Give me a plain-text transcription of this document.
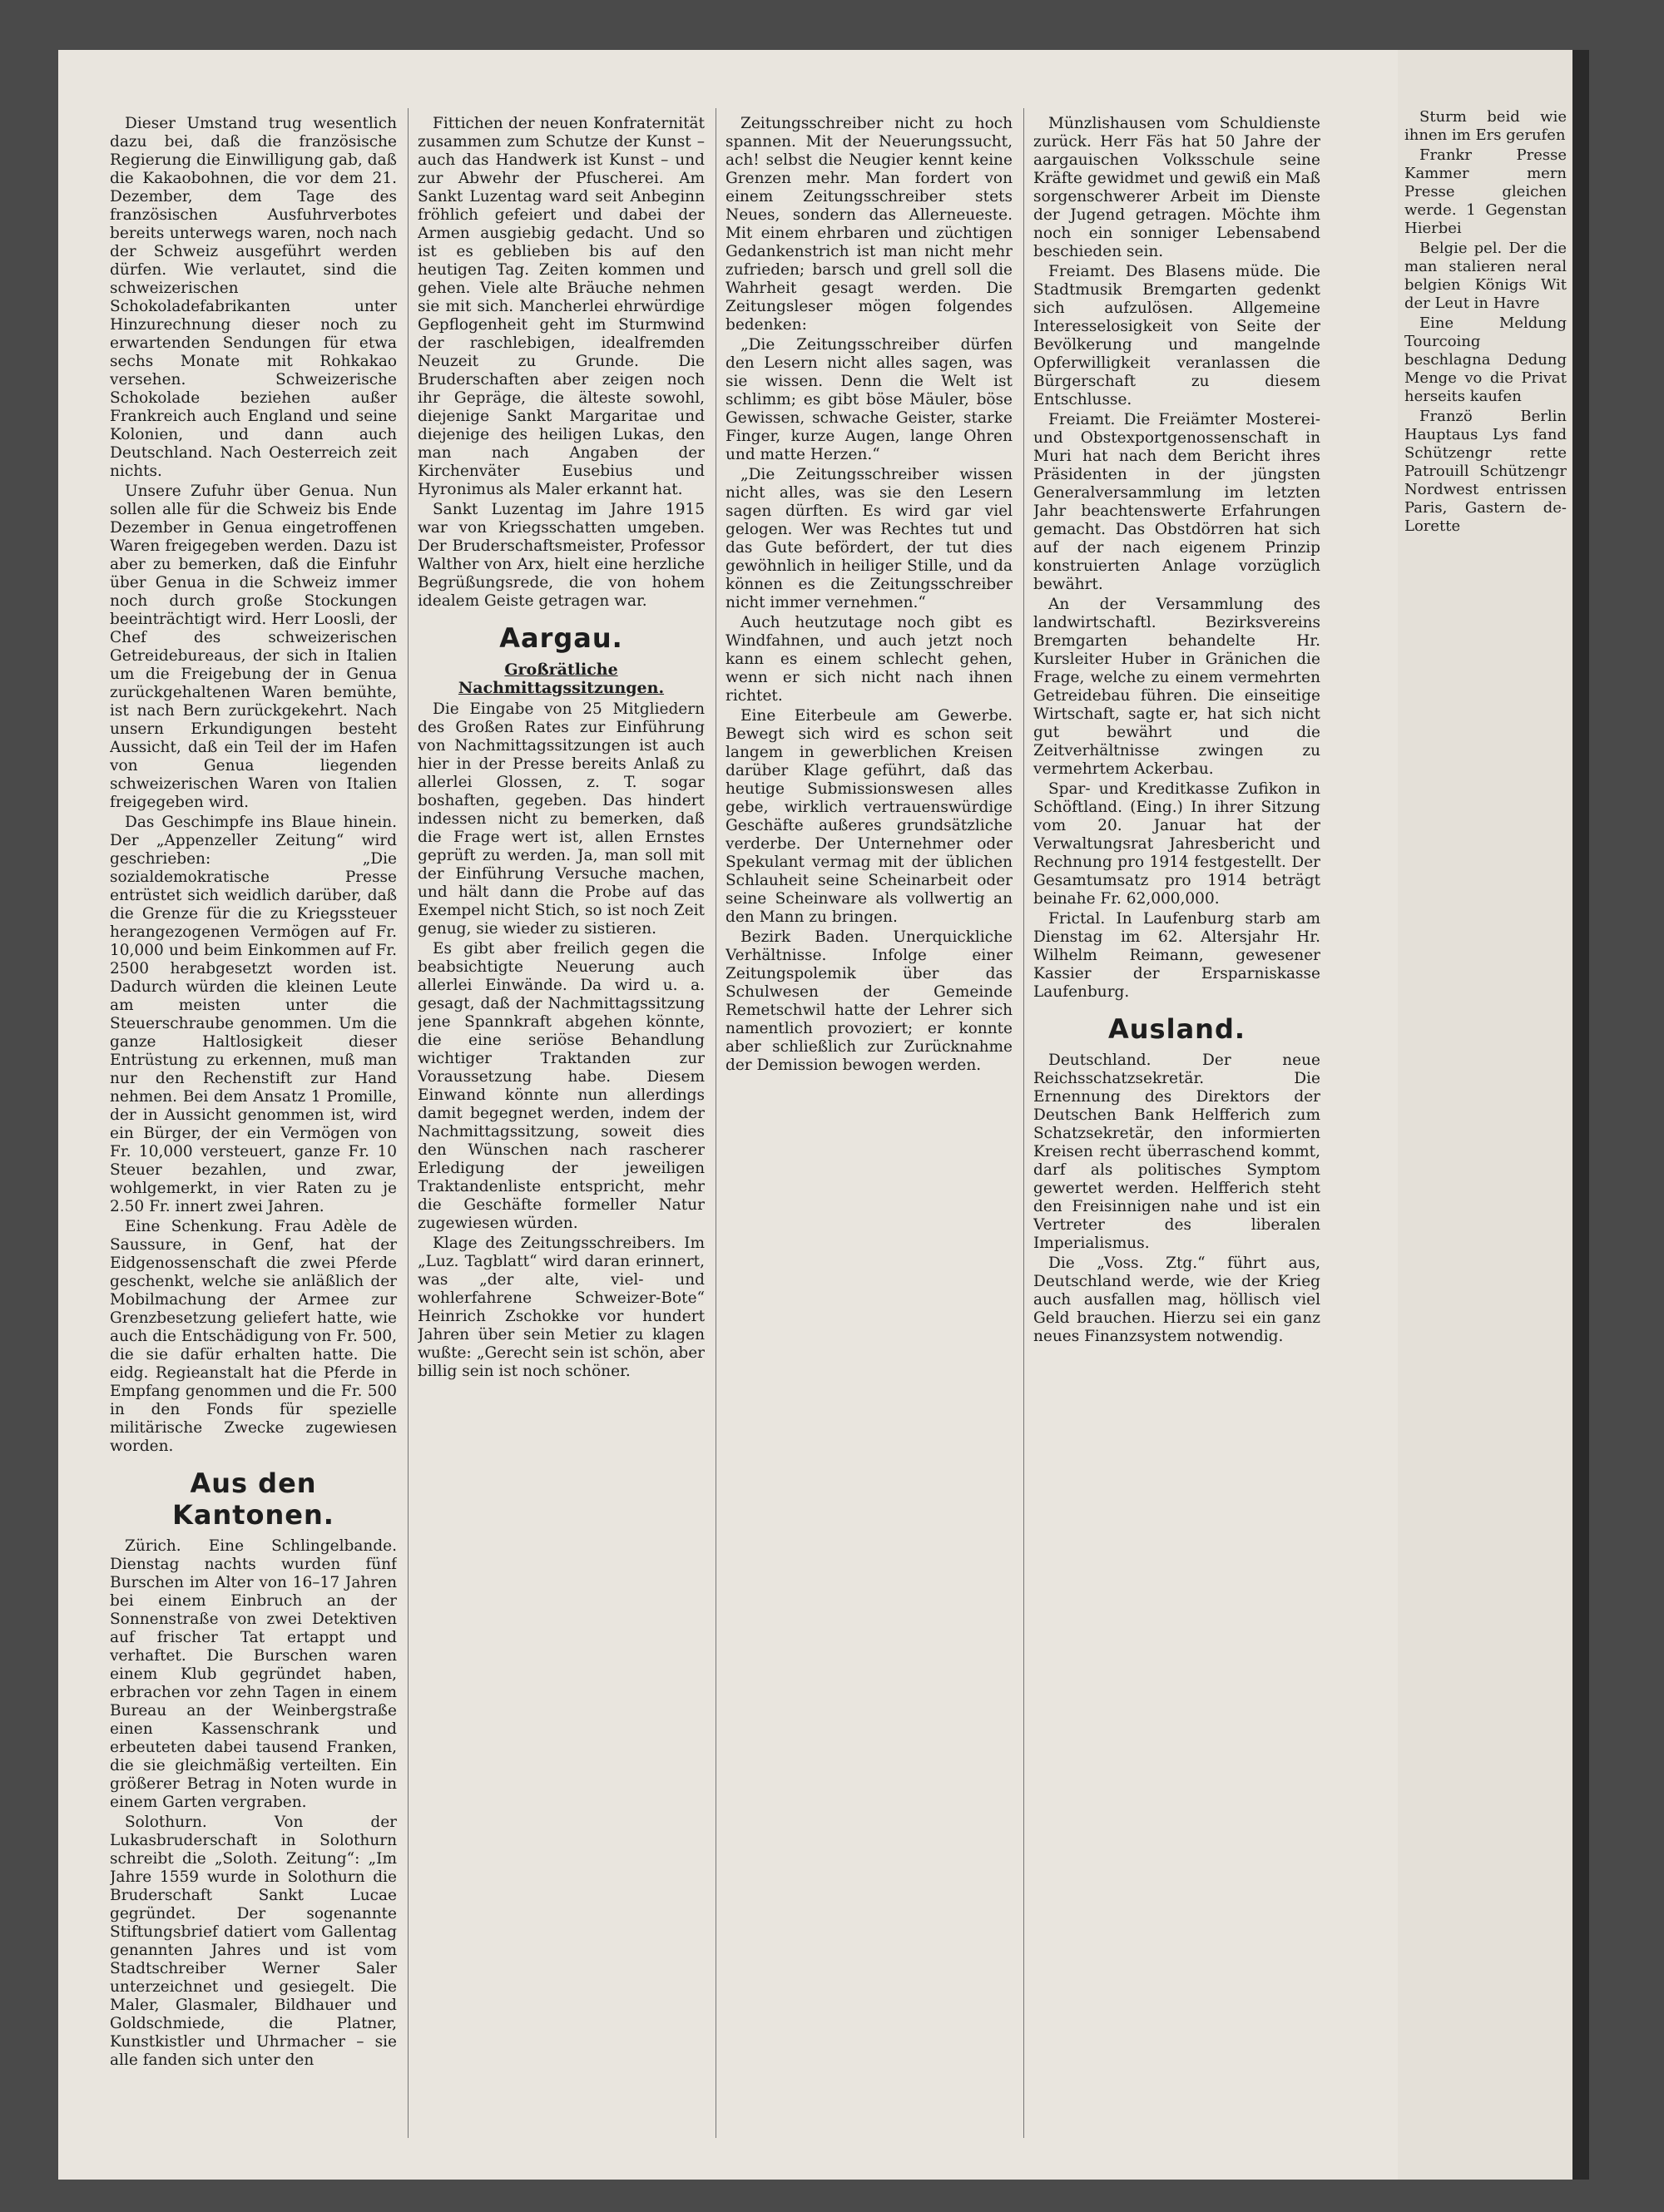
Dieser Umstand trug wesentlich dazu bei, daß die französische Regierung die Einwilligung gab, daß die Kakaobohnen, die vor dem 21. Dezember, dem Tage des französischen Ausfuhrverbotes bereits unterwegs waren, noch nach der Schweiz ausgeführt werden dürfen. Wie verlautet, sind die schweizerischen Schokoladefabrikanten unter Hinzurechnung dieser noch zu erwartenden Sendungen für etwa sechs Monate mit Rohkakao versehen. Schweizerische Schokolade beziehen außer Frankreich auch England und seine Kolonien, und dann auch Deutschland. Nach Oesterreich zeit nichts.

Unsere Zufuhr über Genua. Nun sollen alle für die Schweiz bis Ende Dezember in Genua eingetroffenen Waren freigegeben werden. Dazu ist aber zu bemerken, daß die Einfuhr über Genua in die Schweiz immer noch durch große Stockungen beeinträchtigt wird. Herr Loosli, der Chef des schweizerischen Getreidebureaus, der sich in Italien um die Freigebung der in Genua zurückgehaltenen Waren bemühte, ist nach Bern zurückgekehrt. Nach unsern Erkundigungen besteht Aussicht, daß ein Teil der im Hafen von Genua liegenden schweizerischen Waren von Italien freigegeben wird.

Das Geschimpfe ins Blaue hinein. Der „Appenzeller Zeitung“ wird geschrieben: „Die sozialdemokratische Presse entrüstet sich weidlich darüber, daß die Grenze für die zu Kriegssteuer herangezogenen Vermögen auf Fr. 10,000 und beim Einkommen auf Fr. 2500 herabgesetzt worden ist. Dadurch würden die kleinen Leute am meisten unter die Steuerschraube genommen. Um die ganze Haltlosigkeit dieser Entrüstung zu erkennen, muß man nur den Rechenstift zur Hand nehmen. Bei dem Ansatz 1 Promille, der in Aussicht genommen ist, wird ein Bürger, der ein Vermögen von Fr. 10,000 versteuert, ganze Fr. 10 Steuer bezahlen, und zwar, wohlgemerkt, in vier Raten zu je 2.50 Fr. innert zwei Jahren.

Eine Schenkung. Frau Adèle de Saussure, in Genf, hat der Eidgenossenschaft die zwei Pferde geschenkt, welche sie anläßlich der Mobilmachung der Armee zur Grenzbesetzung geliefert hatte, wie auch die Entschädigung von Fr. 500, die sie dafür erhalten hatte. Die eidg. Regieanstalt hat die Pferde in Empfang genommen und die Fr. 500 in den Fonds für spezielle militärische Zwecke zugewiesen worden.

Aus den Kantonen.

Zürich. Eine Schlingelbande. Dienstag nachts wurden fünf Burschen im Alter von 16–17 Jahren bei einem Einbruch an der Sonnenstraße von zwei Detektiven auf frischer Tat ertappt und verhaftet. Die Burschen waren einem Klub gegründet haben, erbrachen vor zehn Tagen in einem Bureau an der Weinbergstraße einen Kassenschrank und erbeuteten dabei tausend Franken, die sie gleichmäßig verteilten. Ein größerer Betrag in Noten wurde in einem Garten vergraben.

Solothurn. Von der Lukasbruderschaft in Solothurn schreibt die „Soloth. Zeitung“: „Im Jahre 1559 wurde in Solothurn die Bruderschaft Sankt Lucae gegründet. Der sogenannte Stiftungsbrief datiert vom Gallentag genannten Jahres und ist vom Stadtschreiber Werner Saler unterzeichnet und gesiegelt. Die Maler, Glasmaler, Bildhauer und Goldschmiede, die Platner, Kunstkistler und Uhrmacher – sie alle fanden sich unter den

Fittichen der neuen Konfraternität zusammen zum Schutze der Kunst – auch das Handwerk ist Kunst – und zur Abwehr der Pfuscherei. Am Sankt Luzentag ward seit Anbeginn fröhlich gefeiert und dabei der Armen ausgiebig gedacht. Und so ist es geblieben bis auf den heutigen Tag. Zeiten kommen und gehen. Viele alte Bräuche nehmen sie mit sich. Mancherlei ehrwürdige Gepflogenheit geht im Sturmwind der raschlebigen, idealfremden Neuzeit zu Grunde. Die Bruderschaften aber zeigen noch ihr Gepräge, die älteste sowohl, diejenige Sankt Margaritae und diejenige des heiligen Lukas, den man nach Angaben der Kirchenväter Eusebius und Hyronimus als Maler erkannt hat.

Sankt Luzentag im Jahre 1915 war von Kriegsschatten umgeben. Der Bruderschaftsmeister, Professor Walther von Arx, hielt eine herzliche Begrüßungsrede, die von hohem idealem Geiste getragen war.

Aargau.
Großrätliche Nachmittagssitzungen.

Die Eingabe von 25 Mitgliedern des Großen Rates zur Einführung von Nachmittagssitzungen ist auch hier in der Presse bereits Anlaß zu allerlei Glossen, z. T. sogar boshaften, gegeben. Das hindert indessen nicht zu bemerken, daß die Frage wert ist, allen Ernstes geprüft zu werden. Ja, man soll mit der Einführung Versuche machen, und hält dann die Probe auf das Exempel nicht Stich, so ist noch Zeit genug, sie wieder zu sistieren.

Es gibt aber freilich gegen die beabsichtigte Neuerung auch allerlei Einwände. Da wird u. a. gesagt, daß der Nachmittagssitzung jene Spannkraft abgehen könnte, die eine seriöse Behandlung wichtiger Traktanden zur Voraussetzung habe. Diesem Einwand könnte nun allerdings damit begegnet werden, indem der Nachmittagssitzung, soweit dies den Wünschen nach rascherer Erledigung der jeweiligen Traktandenliste entspricht, mehr die Geschäfte formeller Natur zugewiesen würden.

Klage des Zeitungsschreibers. Im „Luz. Tagblatt“ wird daran erinnert, was „der alte, viel- und wohlerfahrene Schweizer-Bote“ Heinrich Zschokke vor hundert Jahren über sein Metier zu klagen wußte: „Gerecht sein ist schön, aber billig sein ist noch schöner.

Zeitungsschreiber nicht zu hoch spannen. Mit der Neuerungssucht, ach! selbst die Neugier kennt keine Grenzen mehr. Man fordert von einem Zeitungsschreiber stets Neues, sondern das Allerneueste. Mit einem ehrbaren und züchtigen Gedankenstrich ist man nicht mehr zufrieden; barsch und grell soll die Wahrheit gesagt werden. Die Zeitungsleser mögen folgendes bedenken:

„Die Zeitungsschreiber dürfen den Lesern nicht alles sagen, was sie wissen. Denn die Welt ist schlimm; es gibt böse Mäuler, böse Gewissen, schwache Geister, starke Finger, kurze Augen, lange Ohren und matte Herzen.“

„Die Zeitungsschreiber wissen nicht alles, was sie den Lesern sagen dürften. Es wird gar viel gelogen. Wer was Rechtes tut und das Gute befördert, der tut dies gewöhnlich in heiliger Stille, und da können es die Zeitungsschreiber nicht immer vernehmen.“

Auch heutzutage noch gibt es Windfahnen, und auch jetzt noch kann es einem schlecht gehen, wenn er sich nicht nach ihnen richtet.

Eine Eiterbeule am Gewerbe. Bewegt sich wird es schon seit langem in gewerblichen Kreisen darüber Klage geführt, daß das heutige Submissionswesen alles gebe, wirklich vertrauenswürdige Geschäfte außeres grundsätzliche verderbe. Der Unternehmer oder Spekulant vermag mit der üblichen Schlauheit seine Scheinarbeit oder seine Scheinware als vollwertig an den Mann zu bringen.

Bezirk Baden. Unerquickliche Verhältnisse. Infolge einer Zeitungspolemik über das Schulwesen der Gemeinde Remetschwil hatte der Lehrer sich namentlich provoziert; er konnte aber schließlich zur Zurücknahme der Demission bewogen werden.

Münzlishausen vom Schuldienste zurück. Herr Fäs hat 50 Jahre der aargauischen Volksschule seine Kräfte gewidmet und gewiß ein Maß sorgenschwerer Arbeit im Dienste der Jugend getragen. Möchte ihm noch ein sonniger Lebensabend beschieden sein.

Freiamt. Des Blasens müde. Die Stadtmusik Bremgarten gedenkt sich aufzulösen. Allgemeine Interesselosigkeit von Seite der Bevölkerung und mangelnde Opferwilligkeit veranlassen die Bürgerschaft zu diesem Entschlusse.

Freiamt. Die Freiämter Mosterei- und Obstexportgenossenschaft in Muri hat nach dem Bericht ihres Präsidenten in der jüngsten Generalversammlung im letzten Jahr beachtenswerte Erfahrungen gemacht. Das Obstdörren hat sich auf der nach eigenem Prinzip konstruierten Anlage vorzüglich bewährt.

An der Versammlung des landwirtschaftl. Bezirksvereins Bremgarten behandelte Hr. Kursleiter Huber in Gränichen die Frage, welche zu einem vermehrten Getreidebau führen. Die einseitige Wirtschaft, sagte er, hat sich nicht gut bewährt und die Zeitverhältnisse zwingen zu vermehrtem Ackerbau.

Spar- und Kreditkasse Zufikon in Schöftland. (Eing.) In ihrer Sitzung vom 20. Januar hat der Verwaltungsrat Jahresbericht und Rechnung pro 1914 festgestellt. Der Gesamtumsatz pro 1914 beträgt beinahe Fr. 62,000,000.

Frictal. In Laufenburg starb am Dienstag im 62. Altersjahr Hr. Wilhelm Reimann, gewesener Kassier der Ersparniskasse Laufenburg.

Ausland.

Deutschland. Der neue Reichsschatzsekretär. Die Ernennung des Direktors der Deutschen Bank Helfferich zum Schatzsekretär, den informierten Kreisen recht überraschend kommt, darf als politisches Symptom gewertet werden. Helfferich steht den Freisinnigen nahe und ist ein Vertreter des liberalen Imperialismus.

Die „Voss. Ztg.“ führt aus, Deutschland werde, wie der Krieg auch ausfallen mag, höllisch viel Geld brauchen. Hierzu sei ein ganz neues Finanzsystem notwendig.

Sturm beid wie ihnen im Ers gerufen

Frankr Presse Kammer mern Presse gleichen werde. 1 Gegenstan Hierbei

Belgie pel. Der die man stalieren neral belgien Königs Wit der Leut in Havre

Eine Meldung Tourcoing beschlagna Dedung Menge vo die Privat herseits kaufen

Franzö Berlin Hauptaus Lys fand Schützengr rette Patrouill Schützengr Nordwest entrissen Paris, Gastern de-Lorette
